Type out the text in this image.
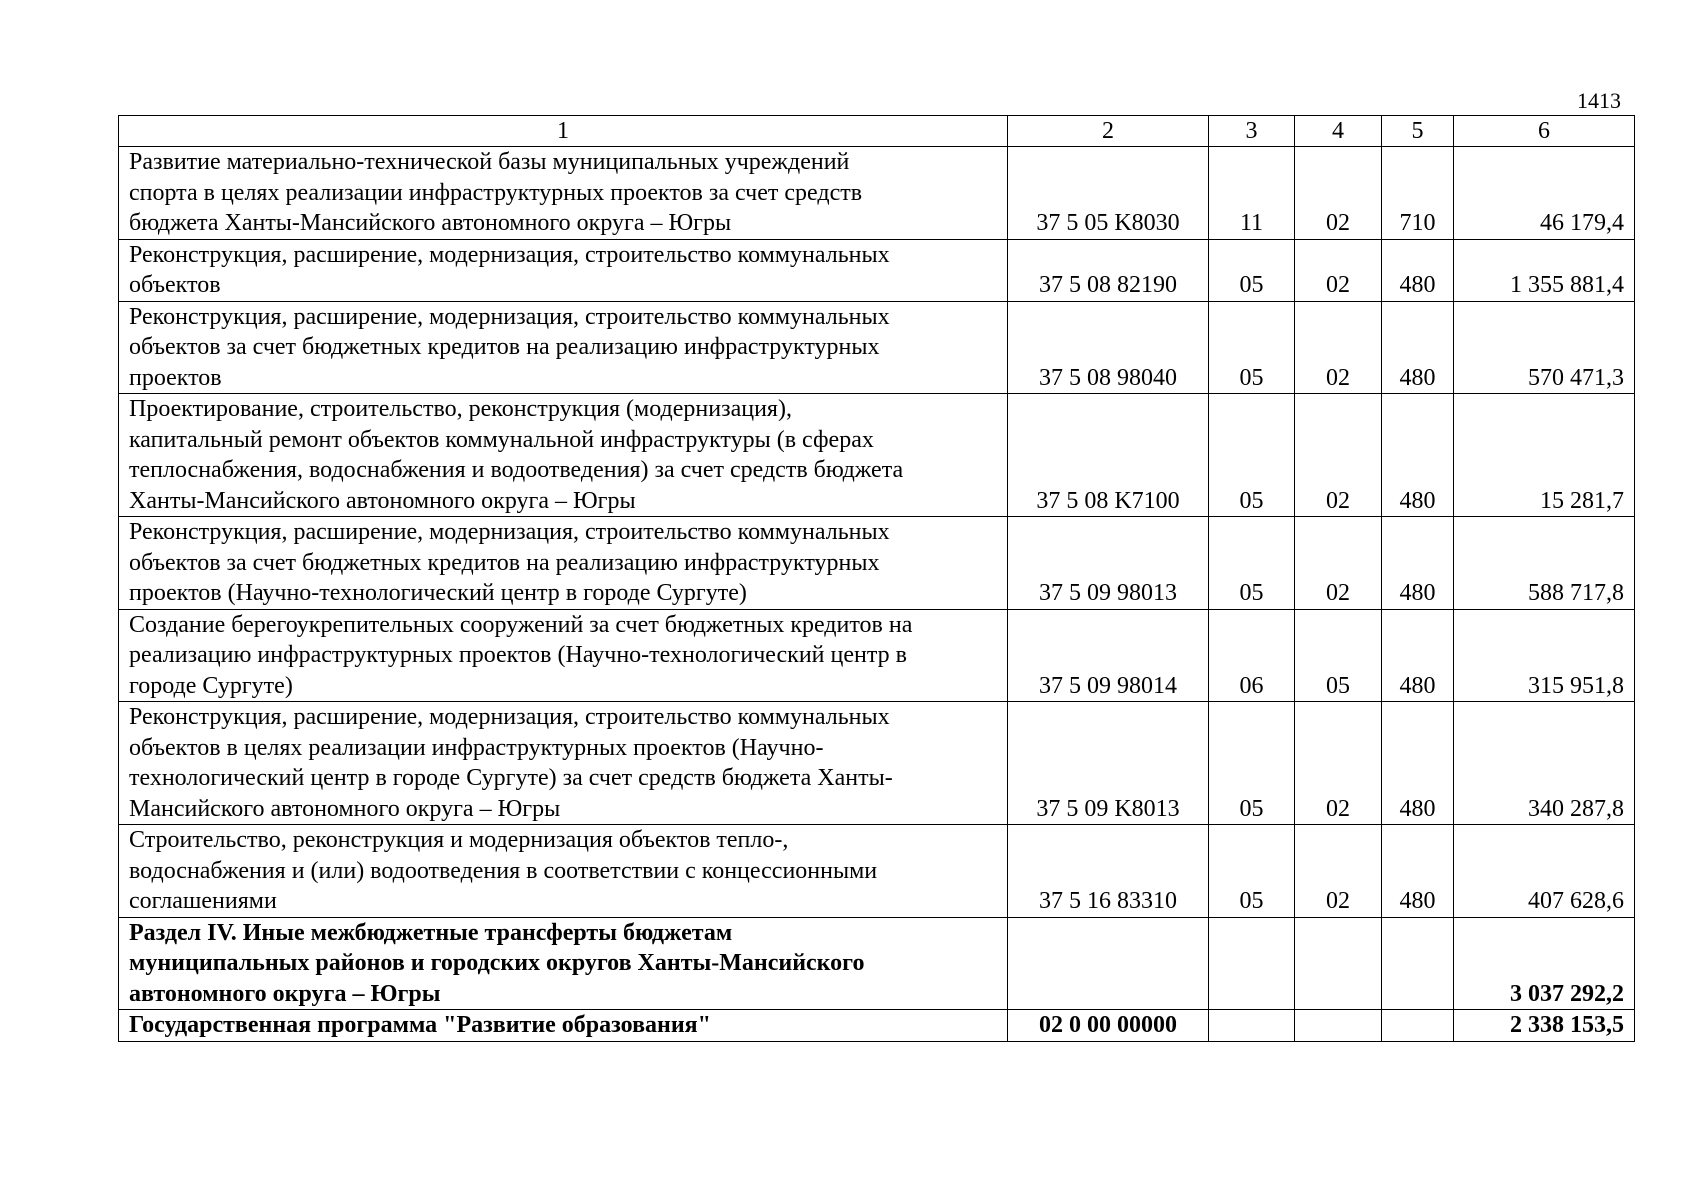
1413
1	2	3	4	5	6

Развитие материально-технической базы муниципальных учреждений
спорта в целях реализации инфраструктурных проектов за счет средств
бюджета Ханты-Мансийского автономного округа – Югры	37 5 05 K8030	11	02	710	46 179,4

Реконструкция, расширение, модернизация, строительство коммунальных
объектов	37 5 08 82190	05	02	480	1 355 881,4

Реконструкция, расширение, модернизация, строительство коммунальных
объектов за счет бюджетных кредитов на реализацию инфраструктурных
проектов	37 5 08 98040	05	02	480	570 471,3

Проектирование, строительство, реконструкция (модернизация),
капитальный ремонт объектов коммунальной инфраструктуры (в сферах
теплоснабжения, водоснабжения и водоотведения) за счет средств бюджета
Ханты-Мансийского автономного округа – Югры	37 5 08 K7100	05	02	480	15 281,7

Реконструкция, расширение, модернизация, строительство коммунальных
объектов за счет бюджетных кредитов на реализацию инфраструктурных
проектов (Научно-технологический центр в городе Сургуте)	37 5 09 98013	05	02	480	588 717,8

Создание берегоукрепительных сооружений за счет бюджетных кредитов на
реализацию инфраструктурных проектов (Научно-технологический центр в
городе Сургуте)	37 5 09 98014	06	05	480	315 951,8

Реконструкция, расширение, модернизация, строительство коммунальных
объектов в целях реализации инфраструктурных проектов (Научно-
технологический центр в городе Сургуте) за счет средств бюджета Ханты-
Мансийского автономного округа – Югры	37 5 09 K8013	05	02	480	340 287,8

Строительство, реконструкция и модернизация объектов тепло-,
водоснабжения и (или) водоотведения в соответствии с концессионными
соглашениями	37 5 16 83310	05	02	480	407 628,6

Раздел IV. Иные межбюджетные трансферты бюджетам
муниципальных районов и городских округов Ханты-Мансийского
автономного округа – Югры					3 037 292,2

Государственная программа "Развитие образования"	02 0 00 00000				2 338 153,5
